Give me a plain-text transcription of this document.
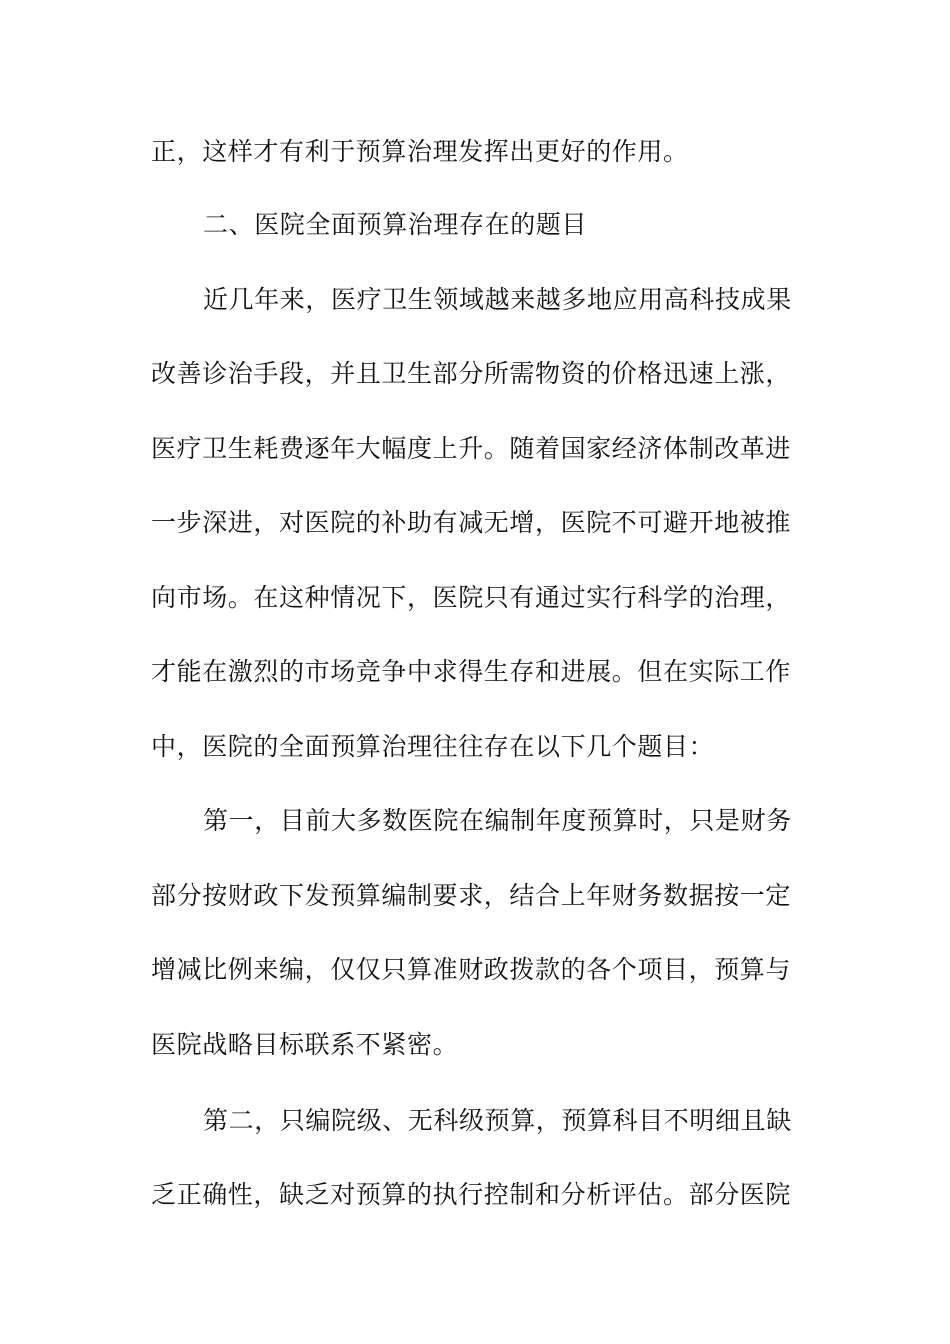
正，这样才有利于预算治理发挥出更好的作用。
二、医院全面预算治理存在的题目
近几年来，医疗卫生领域越来越多地应用高科技成果
改善诊治手段，并且卫生部分所需物资的价格迅速上涨，
医疗卫生耗费逐年大幅度上升。随着国家经济体制改革进
一步深进，对医院的补助有减无增，医院不可避开地被推
向市场。在这种情况下，医院只有通过实行科学的治理，
才能在激烈的市场竞争中求得生存和进展。但在实际工作
中，医院的全面预算治理往往存在以下几个题目：
第一，目前大多数医院在编制年度预算时，只是财务
部分按财政下发预算编制要求，结合上年财务数据按一定
增减比例来编，仅仅只算准财政拨款的各个项目，预算与
医院战略目标联系不紧密。
第二，只编院级、无科级预算，预算科目不明细且缺
乏正确性，缺乏对预算的执行控制和分析评估。部分医院
